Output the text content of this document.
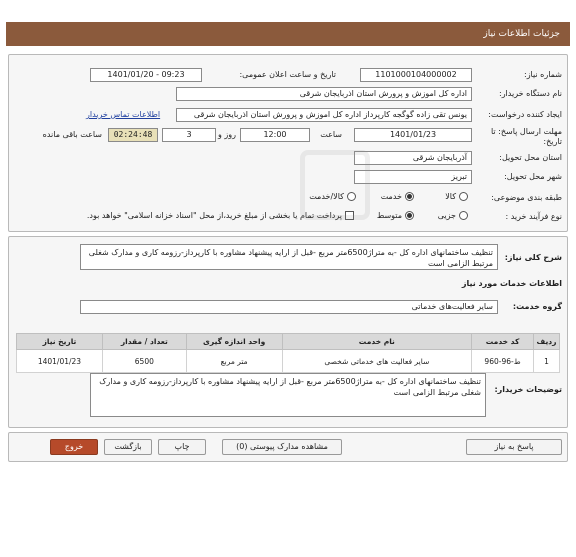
جزئیات اطلاعات نیاز
شماره نیاز:
1101000104000002
تاریخ و ساعت اعلان عمومی:
1401/01/20 - 09:23
نام دستگاه خریدار:
اداره کل اموزش و پرورش استان اذربایجان شرقی
ایجاد کننده درخواست:
یونس تقی زاده گوگجه کارپرداز اداره کل اموزش و پرورش استان اذربایجان شرقی
اطلاعات تماس خریدار
مهلت ارسال پاسخ: تا تاریخ:
1401/01/23
ساعت
12:00
3	روز و
02:24:48
ساعت باقی مانده
استان محل تحویل:
آذربایجان شرقی
شهر محل تحویل:
تبریز
طبقه بندی موضوعی:
کالا
خدمت
کالا/خدمت
نوع فرآیند خرید :
جزیی
متوسط
پرداخت تمام یا بخشی از مبلغ خرید،از محل "اسناد خزانه اسلامی" خواهد بود.
شرح کلی نیاز:
تنظیف ساختمانهای اداره کل -به متراژ6500متر مربع -قبل از ارایه پیشنهاد مشاوره با کارپرداز-رزومه کاری و مدارک شغلی مرتبط الزامی است
اطلاعات خدمات مورد نیاز
گروه خدمت:
سایر فعالیت‌های خدماتی
ردیف	کد خدمت	نام خدمت	واحد اندازه گیری	تعداد / مقدار	تاریخ نیاز
1	ط-96-960	سایر فعالیت های خدماتی شخصی	متر مربع	6500	1401/01/23
توضیحات خریدار:
تنظیف ساختمانهای اداره کل -به متراژ6500متر مربع -قبل از ارایه پیشنهاد مشاوره با کارپرداز-رزومه کاری و مدارک شغلی مرتبط الزامی است
پاسخ به نیاز
مشاهده مدارک پیوستی (0)
چاپ
بازگشت
خروج
